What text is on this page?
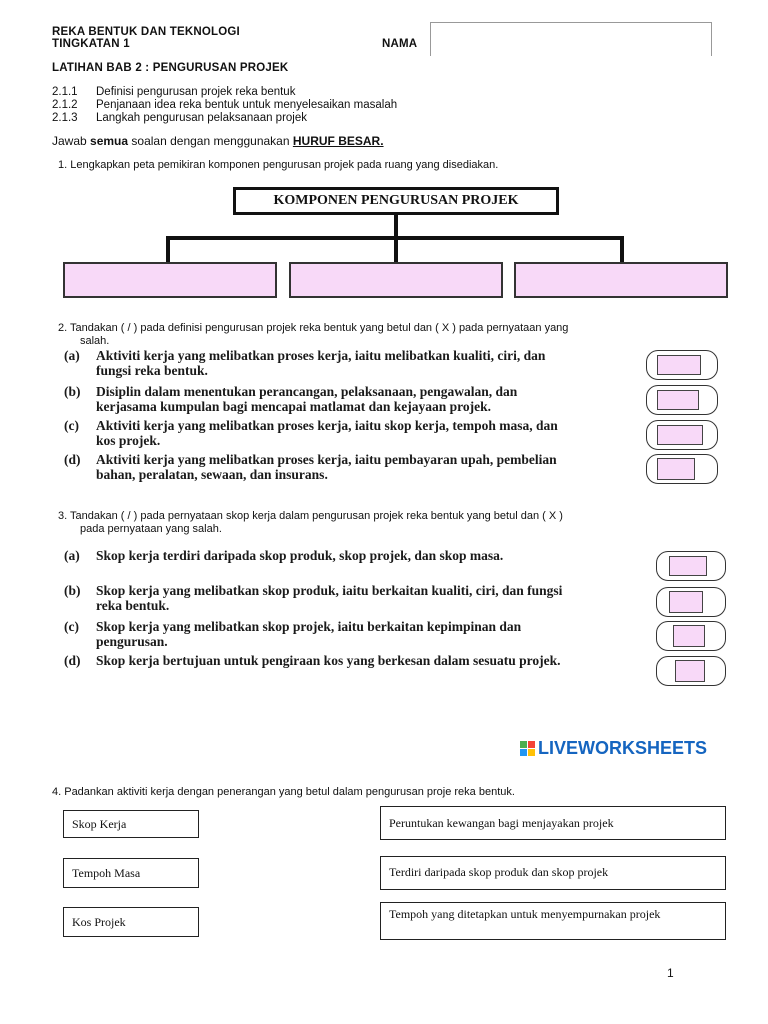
REKA BENTUK DAN TEKNOLOGI
TINGKATAN 1	NAMA
LATIHAN BAB 2 : PENGURUSAN PROJEK
2.1.1 Definisi pengurusan projek reka bentuk
2.1.2 Penjanaan idea reka bentuk untuk menyelesaikan masalah
2.1.3 Langkah pengurusan pelaksanaan projek
Jawab semua soalan dengan menggunakan HURUF BESAR.
1. Lengkapkan peta pemikiran komponen pengurusan projek pada ruang yang disediakan.
KOMPONEN PENGURUSAN PROJEK
2. Tandakan ( / ) pada definisi pengurusan projek reka bentuk yang betul dan ( X ) pada pernyataan yang
salah.
(a) Aktiviti kerja yang melibatkan proses kerja, iaitu melibatkan kualiti, ciri, dan
fungsi reka bentuk.
(b) Disiplin dalam menentukan perancangan, pelaksanaan, pengawalan, dan
kerjasama kumpulan bagi mencapai matlamat dan kejayaan projek.
(c) Aktiviti kerja yang melibatkan proses kerja, iaitu skop kerja, tempoh masa, dan
kos projek.
(d) Aktiviti kerja yang melibatkan proses kerja, iaitu pembayaran upah, pembelian
bahan, peralatan, sewaan, dan insurans.
3. Tandakan ( / ) pada pernyataan skop kerja dalam pengurusan projek reka bentuk yang betul dan ( X )
pada pernyataan yang salah.
(a) Skop kerja terdiri daripada skop produk, skop projek, dan skop masa.
(b) Skop kerja yang melibatkan skop produk, iaitu berkaitan kualiti, ciri, dan fungsi
reka bentuk.
(c) Skop kerja yang melibatkan skop projek, iaitu berkaitan kepimpinan dan
pengurusan.
(d) Skop kerja bertujuan untuk pengiraan kos yang berkesan dalam sesuatu projek.
LIVEWORKSHEETS
4. Padankan aktiviti kerja dengan penerangan yang betul dalam pengurusan proje reka bentuk.
Skop Kerja
Tempoh Masa
Kos Projek
Peruntukan kewangan bagi menjayakan projek
Terdiri daripada skop produk dan skop projek
Tempoh yang ditetapkan untuk menyempurnakan projek
1
